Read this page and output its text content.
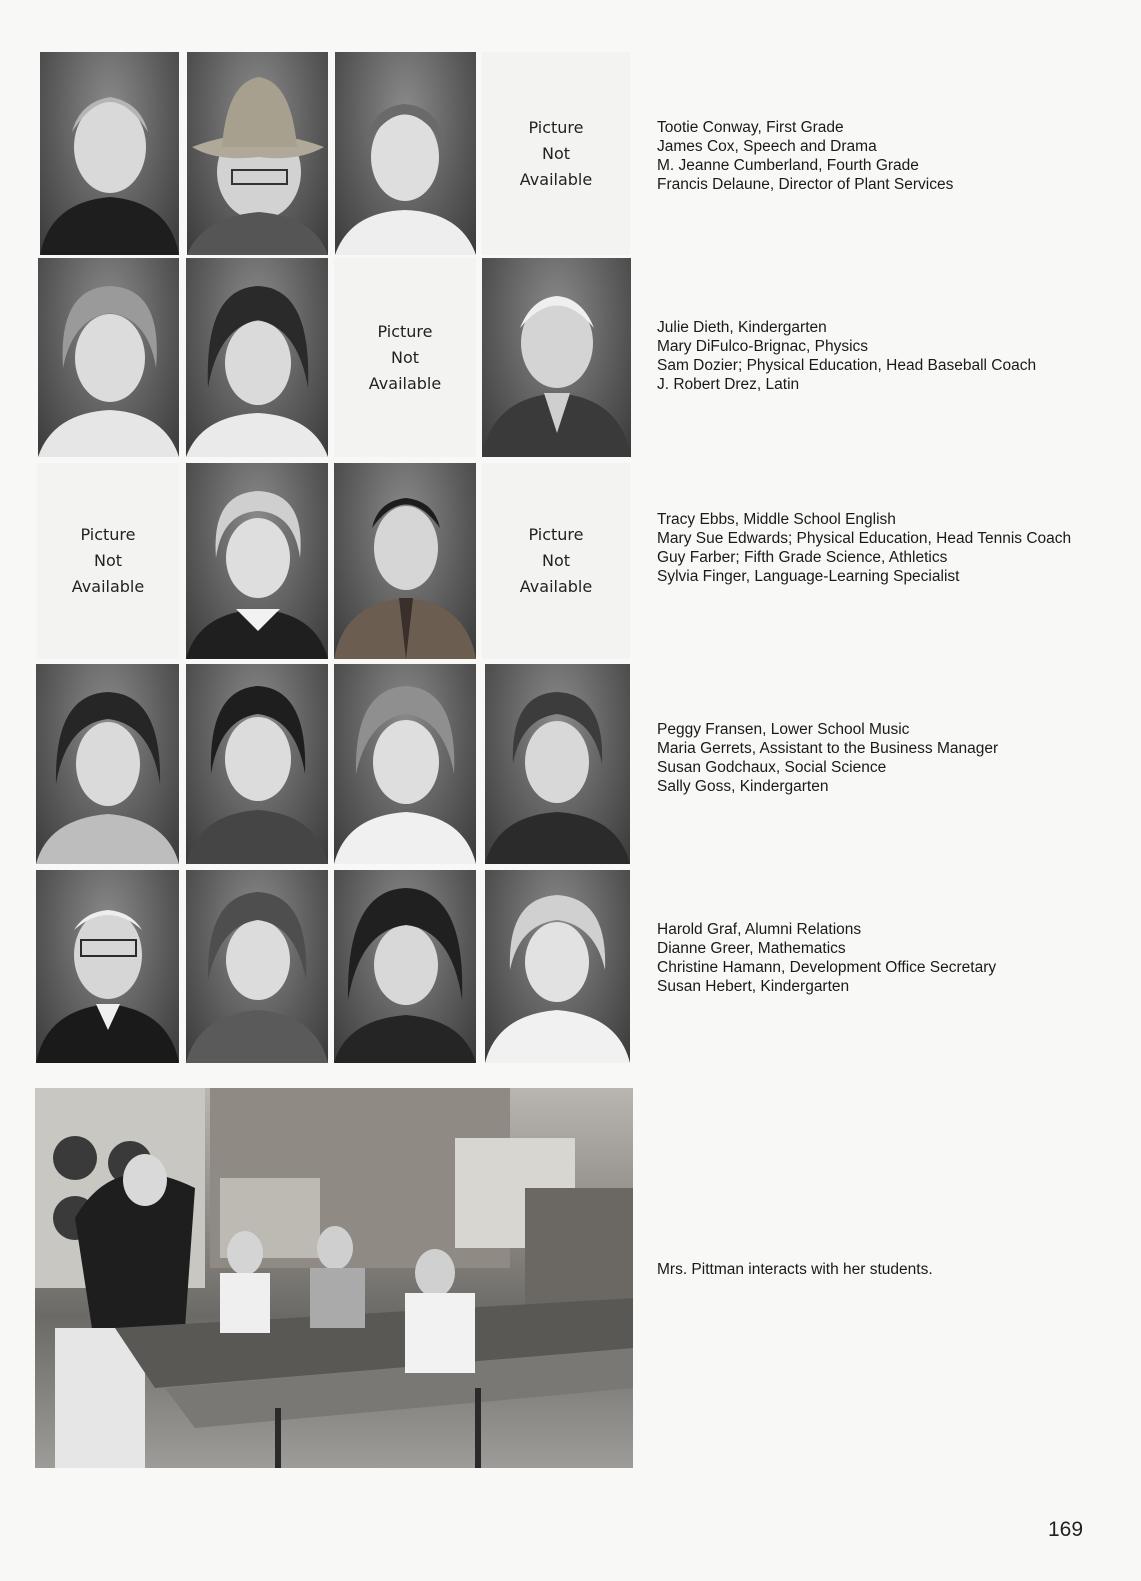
Picture
Not
Available
Tootie Conway, First Grade
James Cox, Speech and Drama
M. Jeanne Cumberland, Fourth Grade
Francis Delaune, Director of Plant Services
Picture
Not
Available
Julie Dieth, Kindergarten
Mary DiFulco-Brignac, Physics
Sam Dozier; Physical Education, Head Baseball Coach
J. Robert Drez, Latin
Picture
Not
Available
Picture
Not
Available
Tracy Ebbs, Middle School English
Mary Sue Edwards; Physical Education, Head Tennis Coach
Guy Farber; Fifth Grade Science, Athletics
Sylvia Finger, Language-Learning Specialist
Peggy Fransen, Lower School Music
Maria Gerrets, Assistant to the Business Manager
Susan Godchaux, Social Science
Sally Goss, Kindergarten
Harold Graf, Alumni Relations
Dianne Greer, Mathematics
Christine Hamann, Development Office Secretary
Susan Hebert, Kindergarten
Mrs. Pittman interacts with her students.
169
